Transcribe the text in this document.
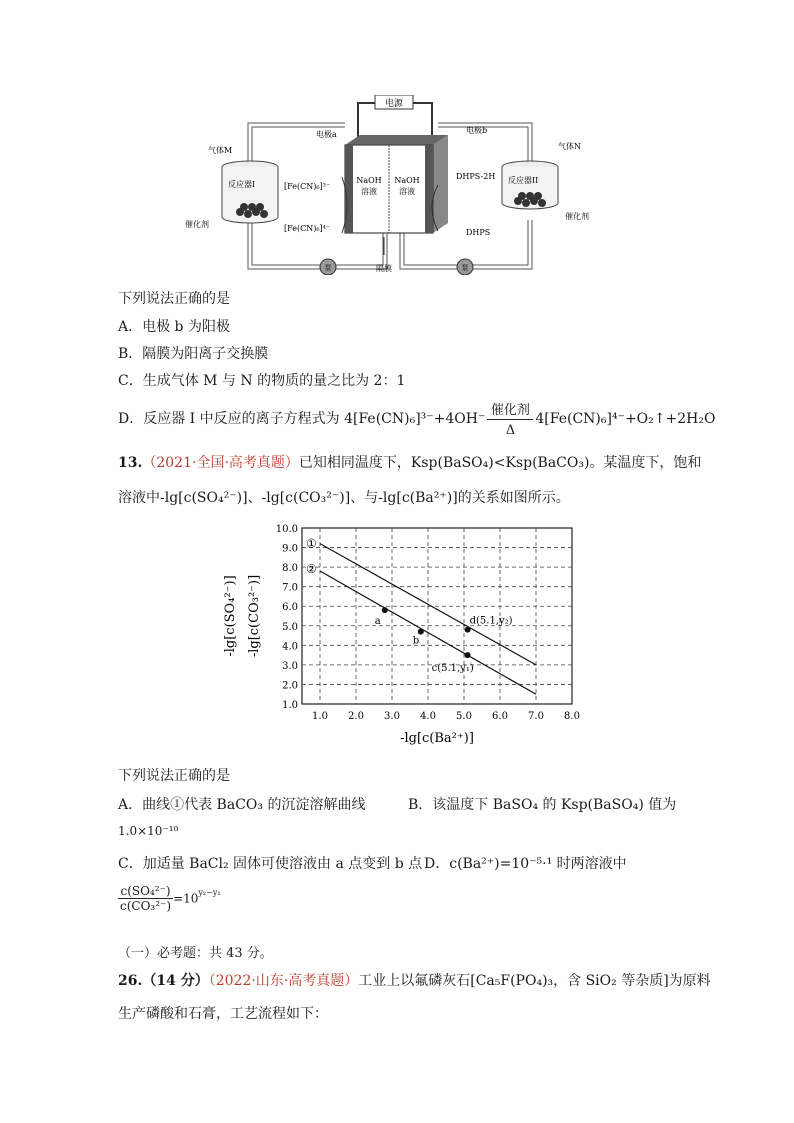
电源
NaOH
溶液
NaOH
溶液
电极a	电极b
隔膜
反应器I
气体M
催化剂
[Fe(CN)₆]³⁻
[Fe(CN)₆]⁴⁻
反应器II
气体N
催化剂
DHPS-2H
DHPS
泵	泵
下列说法正确的是
A．电极 b 为阳极
B．隔膜为阳离子交换膜
C．生成气体 M 与 N 的物质的量之比为 2：1
D．反应器 I 中反应的离子方程式为 4[Fe(CN)₆]³⁻+4OH⁻
催化剂
Δ
4[Fe(CN)₆]⁴⁻+O₂↑+2H₂O
13.（2021·全国·高考真题）已知相同温度下，Ksp(BaSO₄)<Ksp(BaCO₃)。某温度下，饱和
溶液中-lg[c(SO₄²⁻)]、-lg[c(CO₃²⁻)]、与-lg[c(Ba²⁺)]的关系如图所示。
1.0 2.0 3.0 4.0 5.0 6.0 7.0 8.0
1.0
2.0
3.0
4.0
5.0
6.0
7.0
8.0
9.0
10.0
①
②
a
b
d(5.1,y₂)
c(5.1,y₁)
-lg[c(Ba²⁺)]
-lg[c(SO₄²⁻)] -lg[c(CO₃²⁻)]
下列说法正确的是
A．曲线①代表 BaCO₃ 的沉淀溶解曲线	B．该温度下 BaSO₄ 的 Ksp(BaSO₄) 值为
1.0×10⁻¹⁰
C．加适量 BaCl₂ 固体可使溶液由 a 点变到 b 点 D．c(Ba²⁺)=10⁻⁵·¹ 时两溶液中
$\frac{\text{c(SO₄²⁻)}}{\text{c(CO₃²⁻)}} =10^{y_2-y_1}$
（一）必考题：共 43 分。
26.（14 分）（2022·山东·高考真题）工业上以氟磷灰石[Ca₅F(PO₄)₃，含 SiO₂ 等杂质]为原料
生产磷酸和石膏，工艺流程如下：
